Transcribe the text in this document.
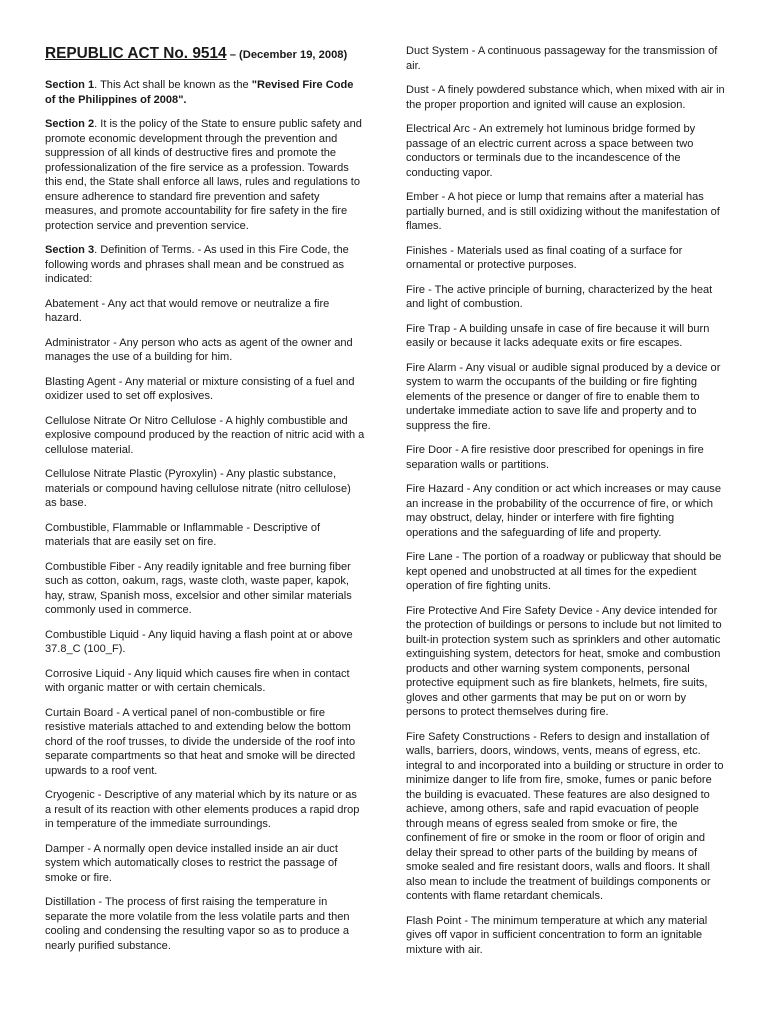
REPUBLIC ACT No. 9514 – (December 19, 2008)

Section 1. This Act shall be known as the "Revised Fire Code of the Philippines of 2008".

Section 2. It is the policy of the State to ensure public safety and promote economic development through the prevention and suppression of all kinds of destructive fires and promote the professionalization of the fire service as a profession. Towards this end, the State shall enforce all laws, rules and regulations to ensure adherence to standard fire prevention and safety measures, and promote accountability for fire safety in the fire protection service and prevention service.

Section 3. Definition of Terms. - As used in this Fire Code, the following words and phrases shall mean and be construed as indicated:

Abatement - Any act that would remove or neutralize a fire hazard.

Administrator - Any person who acts as agent of the owner and manages the use of a building for him.

Blasting Agent - Any material or mixture consisting of a fuel and oxidizer used to set off explosives.

Cellulose Nitrate Or Nitro Cellulose - A highly combustible and explosive compound produced by the reaction of nitric acid with a cellulose material.

Cellulose Nitrate Plastic (Pyroxylin) - Any plastic substance, materials or compound having cellulose nitrate (nitro cellulose) as base.

Combustible, Flammable or Inflammable - Descriptive of materials that are easily set on fire.

Combustible Fiber - Any readily ignitable and free burning fiber such as cotton, oakum, rags, waste cloth, waste paper, kapok, hay, straw, Spanish moss, excelsior and other similar materials commonly used in commerce.

Combustible Liquid - Any liquid having a flash point at or above 37.8_C (100_F).

Corrosive Liquid - Any liquid which causes fire when in contact with organic matter or with certain chemicals.

Curtain Board - A vertical panel of non-combustible or fire resistive materials attached to and extending below the bottom chord of the roof trusses, to divide the underside of the roof into separate compartments so that heat and smoke will be directed upwards to a roof vent.

Cryogenic - Descriptive of any material which by its nature or as a result of its reaction with other elements produces a rapid drop in temperature of the immediate surroundings.

Damper - A normally open device installed inside an air duct system which automatically closes to restrict the passage of smoke or fire.

Distillation - The process of first raising the temperature in separate the more volatile from the less volatile parts and then cooling and condensing the resulting vapor so as to produce a nearly purified substance.

Duct System - A continuous passageway for the transmission of air.

Dust - A finely powdered substance which, when mixed with air in the proper proportion and ignited will cause an explosion.

Electrical Arc - An extremely hot luminous bridge formed by passage of an electric current across a space between two conductors or terminals due to the incandescence of the conducting vapor.

Ember - A hot piece or lump that remains after a material has partially burned, and is still oxidizing without the manifestation of flames.

Finishes - Materials used as final coating of a surface for ornamental or protective purposes.

Fire - The active principle of burning, characterized by the heat and light of combustion.

Fire Trap - A building unsafe in case of fire because it will burn easily or because it lacks adequate exits or fire escapes.

Fire Alarm - Any visual or audible signal produced by a device or system to warm the occupants of the building or fire fighting elements of the presence or danger of fire to enable them to undertake immediate action to save life and property and to suppress the fire.

Fire Door - A fire resistive door prescribed for openings in fire separation walls or partitions.

Fire Hazard - Any condition or act which increases or may cause an increase in the probability of the occurrence of fire, or which may obstruct, delay, hinder or interfere with fire fighting operations and the safeguarding of life and property.

Fire Lane - The portion of a roadway or publicway that should be kept opened and unobstructed at all times for the expedient operation of fire fighting units.

Fire Protective And Fire Safety Device - Any device intended for the protection of buildings or persons to include but not limited to built-in protection system such as sprinklers and other automatic extinguishing system, detectors for heat, smoke and combustion products and other warning system components, personal protective equipment such as fire blankets, helmets, fire suits, gloves and other garments that may be put on or worn by persons to protect themselves during fire.

Fire Safety Constructions - Refers to design and installation of walls, barriers, doors, windows, vents, means of egress, etc. integral to and incorporated into a building or structure in order to minimize danger to life from fire, smoke, fumes or panic before the building is evacuated. These features are also designed to achieve, among others, safe and rapid evacuation of people through means of egress sealed from smoke or fire, the confinement of fire or smoke in the room or floor of origin and delay their spread to other parts of the building by means of smoke sealed and fire resistant doors, walls and floors. It shall also mean to include the treatment of buildings components or contents with flame retardant chemicals.

Flash Point - The minimum temperature at which any material gives off vapor in sufficient concentration to form an ignitable mixture with air.
